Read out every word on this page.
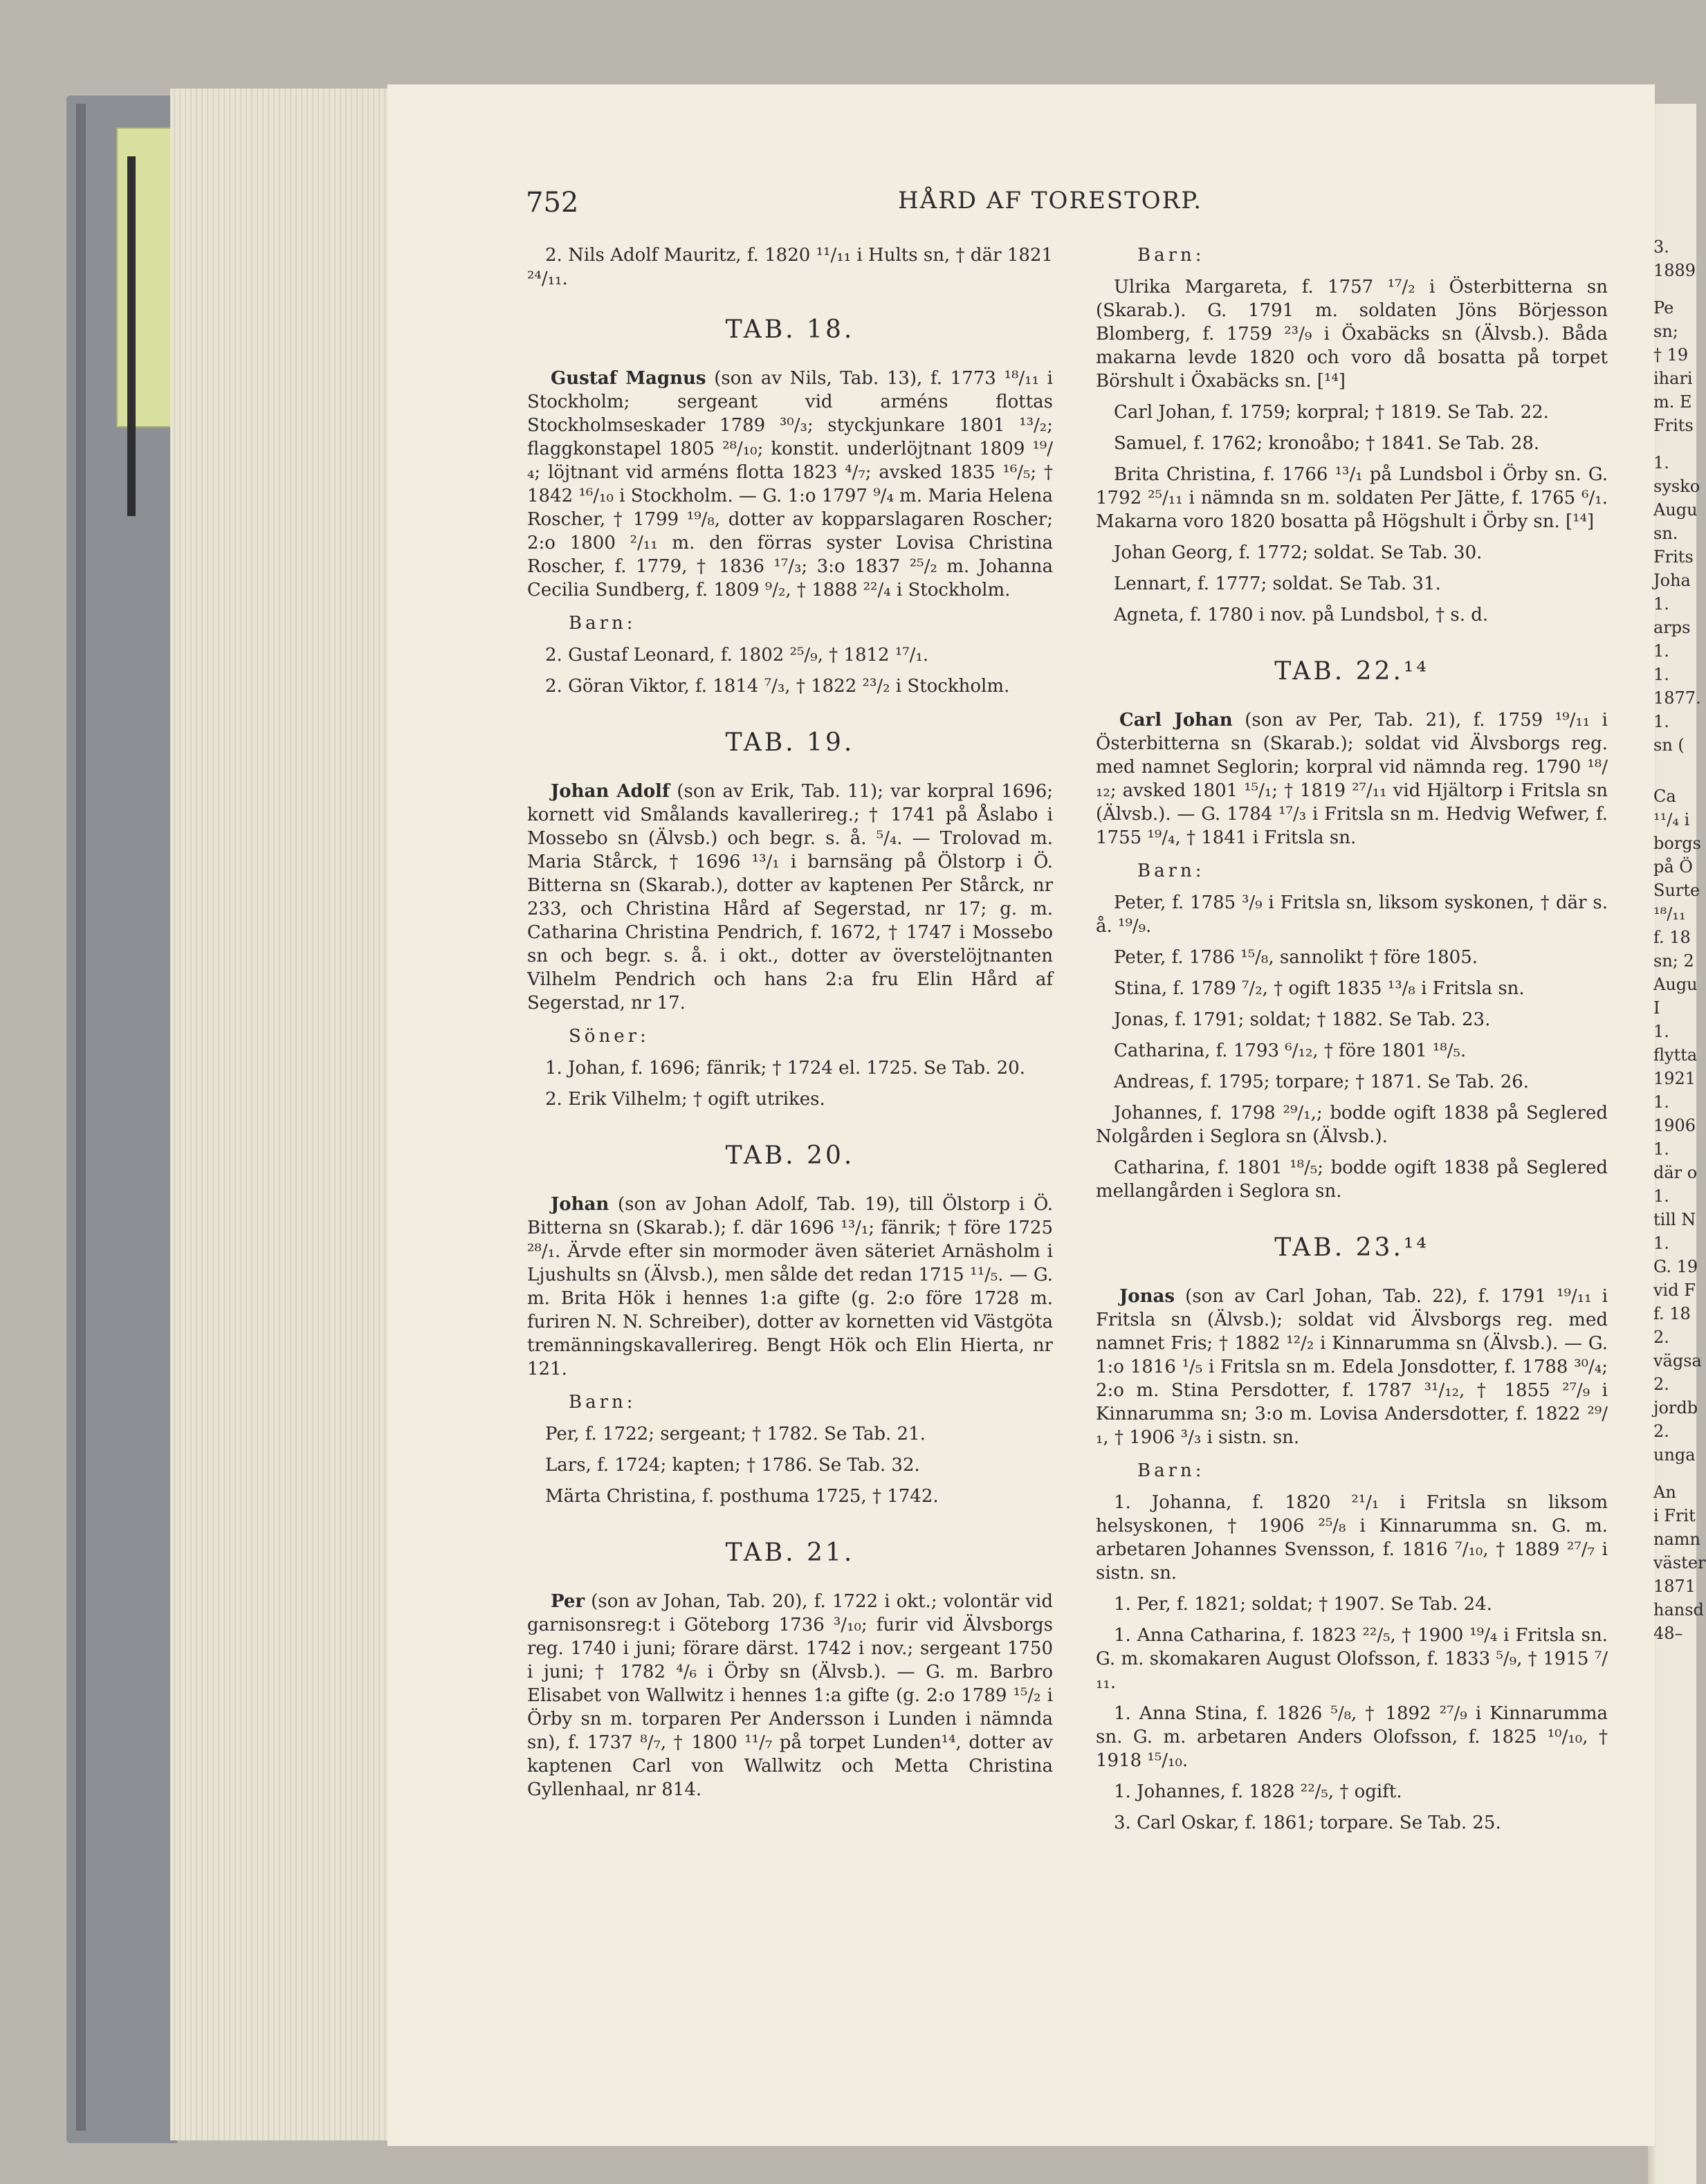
752	HÅRD AF TORESTORP.

2. Nils Adolf Mauritz, f. 1820 ¹¹/₁₁ i Hults sn, † där 1821 ²⁴/₁₁.

TAB. 18.

Gustaf Magnus (son av Nils, Tab. 13), f. 1773 ¹⁸/₁₁ i Stockholm; sergeant vid arméns flottas Stockholmseskader 1789 ³⁰/₃; styckjunkare 1801 ¹³/₂; flaggkonstapel 1805 ²⁸/₁₀; konstit. underlöjtnant 1809 ¹⁹/₄; löjtnant vid arméns flotta 1823 ⁴/₇; avsked 1835 ¹⁶/₅; † 1842 ¹⁶/₁₀ i Stockholm. — G. 1:o 1797 ⁹/₄ m. Maria Helena Roscher, † 1799 ¹⁹/₈, dotter av kopparslagaren Roscher; 2:o 1800 ²/₁₁ m. den förras syster Lovisa Christina Roscher, f. 1779, † 1836 ¹⁷/₃; 3:o 1837 ²⁵/₂ m. Johanna Cecilia Sundberg, f. 1809 ⁹/₂, † 1888 ²²/₄ i Stockholm.

Barn:

2. Gustaf Leonard, f. 1802 ²⁵/₉, † 1812 ¹⁷/₁.

2. Göran Viktor, f. 1814 ⁷/₃, † 1822 ²³/₂ i Stockholm.

TAB. 19.

Johan Adolf (son av Erik, Tab. 11); var korpral 1696; kornett vid Smålands kavallerireg.; † 1741 på Åslabo i Mossebo sn (Älvsb.) och begr. s. å. ⁵/₄. — Trolovad m. Maria Stårck, † 1696 ¹³/₁ i barnsäng på Ölstorp i Ö. Bitterna sn (Skarab.), dotter av kaptenen Per Stårck, nr 233, och Christina Hård af Segerstad, nr 17; g. m. Catharina Christina Pendrich, f. 1672, † 1747 i Mossebo sn och begr. s. å. i okt., dotter av överstelöjtnanten Vilhelm Pendrich och hans 2:a fru Elin Hård af Segerstad, nr 17.

Söner:

1. Johan, f. 1696; fänrik; † 1724 el. 1725. Se Tab. 20.

2. Erik Vilhelm; † ogift utrikes.

TAB. 20.

Johan (son av Johan Adolf, Tab. 19), till Ölstorp i Ö. Bitterna sn (Skarab.); f. där 1696 ¹³/₁; fänrik; † före 1725 ²⁸/₁. Ärvde efter sin mormoder även säteriet Arnäsholm i Ljushults sn (Älvsb.), men sålde det redan 1715 ¹¹/₅. — G. m. Brita Hök i hennes 1:a gifte (g. 2:o före 1728 m. furiren N. N. Schreiber), dotter av kornetten vid Västgöta tremänningskavallerireg. Bengt Hök och Elin Hierta, nr 121.

Barn:

Per, f. 1722; sergeant; † 1782. Se Tab. 21.

Lars, f. 1724; kapten; † 1786. Se Tab. 32.

Märta Christina, f. posthuma 1725, † 1742.

TAB. 21.

Per (son av Johan, Tab. 20), f. 1722 i okt.; volontär vid garnisonsreg:t i Göteborg 1736 ³/₁₀; furir vid Älvsborgs reg. 1740 i juni; förare därst. 1742 i nov.; sergeant 1750 i juni; † 1782 ⁴/₆ i Örby sn (Älvsb.). — G. m. Barbro Elisabet von Wallwitz i hennes 1:a gifte (g. 2:o 1789 ¹⁵/₂ i Örby sn m. torparen Per Andersson i Lunden i nämnda sn), f. 1737 ⁸/₇, † 1800 ¹¹/₇ på torpet Lunden¹⁴, dotter av kaptenen Carl von Wallwitz och Metta Christina Gyllenhaal, nr 814.

Barn:

Ulrika Margareta, f. 1757 ¹⁷/₂ i Österbitterna sn (Skarab.). G. 1791 m. soldaten Jöns Börjesson Blomberg, f. 1759 ²³/₉ i Öxabäcks sn (Älvsb.). Båda makarna levde 1820 och voro då bosatta på torpet Börshult i Öxabäcks sn. [¹⁴]

Carl Johan, f. 1759; korpral; † 1819. Se Tab. 22.

Samuel, f. 1762; kronoåbo; † 1841. Se Tab. 28.

Brita Christina, f. 1766 ¹³/₁ på Lundsbol i Örby sn. G. 1792 ²⁵/₁₁ i nämnda sn m. soldaten Per Jätte, f. 1765 ⁶/₁. Makarna voro 1820 bosatta på Högshult i Örby sn. [¹⁴]

Johan Georg, f. 1772; soldat. Se Tab. 30.

Lennart, f. 1777; soldat. Se Tab. 31.

Agneta, f. 1780 i nov. på Lundsbol, † s. d.

TAB. 22.¹⁴

Carl Johan (son av Per, Tab. 21), f. 1759 ¹⁹/₁₁ i Österbitterna sn (Skarab.); soldat vid Älvsborgs reg. med namnet Seglorin; korpral vid nämnda reg. 1790 ¹⁸/₁₂; avsked 1801 ¹⁵/₁; † 1819 ²⁷/₁₁ vid Hjältorp i Fritsla sn (Älvsb.). — G. 1784 ¹⁷/₃ i Fritsla sn m. Hedvig Wefwer, f. 1755 ¹⁹/₄, † 1841 i Fritsla sn.

Barn:

Peter, f. 1785 ³/₉ i Fritsla sn, liksom syskonen, † där s. å. ¹⁹/₉.

Peter, f. 1786 ¹⁵/₈, sannolikt † före 1805.

Stina, f. 1789 ⁷/₂, † ogift 1835 ¹³/₈ i Fritsla sn.

Jonas, f. 1791; soldat; † 1882. Se Tab. 23.

Catharina, f. 1793 ⁶/₁₂, † före 1801 ¹⁸/₅.

Andreas, f. 1795; torpare; † 1871. Se Tab. 26.

Johannes, f. 1798 ²⁹/₁,; bodde ogift 1838 på Seglered Nolgården i Seglora sn (Älvsb.).

Catharina, f. 1801 ¹⁸/₅; bodde ogift 1838 på Seglered mellangården i Seglora sn.

TAB. 23.¹⁴

Jonas (son av Carl Johan, Tab. 22), f. 1791 ¹⁹/₁₁ i Fritsla sn (Älvsb.); soldat vid Älvsborgs reg. med namnet Fris; † 1882 ¹²/₂ i Kinnarumma sn (Älvsb.). — G. 1:o 1816 ¹/₅ i Fritsla sn m. Edela Jonsdotter, f. 1788 ³⁰/₄; 2:o m. Stina Persdotter, f. 1787 ³¹/₁₂, † 1855 ²⁷/₉ i Kinnarumma sn; 3:o m. Lovisa Andersdotter, f. 1822 ²⁹/₁, † 1906 ³/₃ i sistn. sn.

Barn:

1. Johanna, f. 1820 ²¹/₁ i Fritsla sn liksom helsyskonen, † 1906 ²⁵/₈ i Kinnarumma sn. G. m. arbetaren Johannes Svensson, f. 1816 ⁷/₁₀, † 1889 ²⁷/₇ i sistn. sn.

1. Per, f. 1821; soldat; † 1907. Se Tab. 24.

1. Anna Catharina, f. 1823 ²²/₅, † 1900 ¹⁹/₄ i Fritsla sn. G. m. skomakaren August Olofsson, f. 1833 ⁵/₉, † 1915 ⁷/₁₁.

1. Anna Stina, f. 1826 ⁵/₈, † 1892 ²⁷/₉ i Kinnarumma sn. G. m. arbetaren Anders Olofsson, f. 1825 ¹⁰/₁₀, † 1918 ¹⁵/₁₀.

1. Johannes, f. 1828 ²²/₅, † ogift.

3. Carl Oskar, f. 1861; torpare. Se Tab. 25.

3.
1889
Pe
sn;
† 19
ihari
m. E
Frits
1.
sysko
Augu
sn.
Frits
Joha
1.
arps
1.
1.
1877.
1.
sn (
Ca
¹¹/₄ i
borgs
på Ö
Surte
¹⁸/₁₁
f. 18
sn; 2
Augu
I
1.
flytta
1921
1.
1906
1.
där o
1.
till N
1.
G. 19
vid F
f. 18
2.
vägsa
2.
jordb
2.
unga
An
i Frit
namn
väster
1871
hansd
48–
